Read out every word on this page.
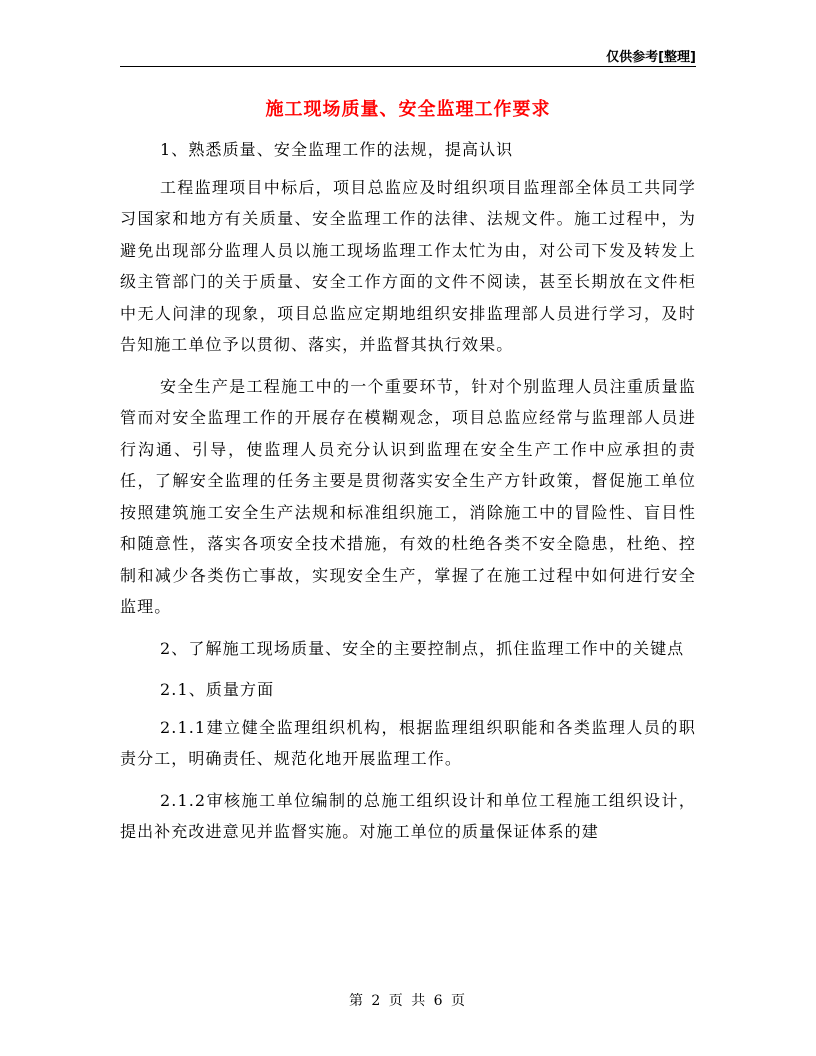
仅供参考[整理]
施工现场质量、安全监理工作要求

1、熟悉质量、安全监理工作的法规，提高认识

工程监理项目中标后，项目总监应及时组织项目监理部全体员工共同学习国家和地方有关质量、安全监理工作的法律、法规文件。施工过程中，为避免出现部分监理人员以施工现场监理工作太忙为由，对公司下发及转发上级主管部门的关于质量、安全工作方面的文件不阅读，甚至长期放在文件柜中无人问津的现象，项目总监应定期地组织安排监理部人员进行学习，及时告知施工单位予以贯彻、落实，并监督其执行效果。

安全生产是工程施工中的一个重要环节，针对个别监理人员注重质量监管而对安全监理工作的开展存在模糊观念，项目总监应经常与监理部人员进行沟通、引导，使监理人员充分认识到监理在安全生产工作中应承担的责任，了解安全监理的任务主要是贯彻落实安全生产方针政策，督促施工单位按照建筑施工安全生产法规和标准组织施工，消除施工中的冒险性、盲目性和随意性，落实各项安全技术措施，有效的杜绝各类不安全隐患，杜绝、控制和减少各类伤亡事故，实现安全生产，掌握了在施工过程中如何进行安全监理。

2、了解施工现场质量、安全的主要控制点，抓住监理工作中的关键点

2.1、质量方面

2.1.1建立健全监理组织机构，根据监理组织职能和各类监理人员的职责分工，明确责任、规范化地开展监理工作。

2.1.2审核施工单位编制的总施工组织设计和单位工程施工组织设计，提出补充改进意见并监督实施。对施工单位的质量保证体系的建

第 2 页 共 6 页
